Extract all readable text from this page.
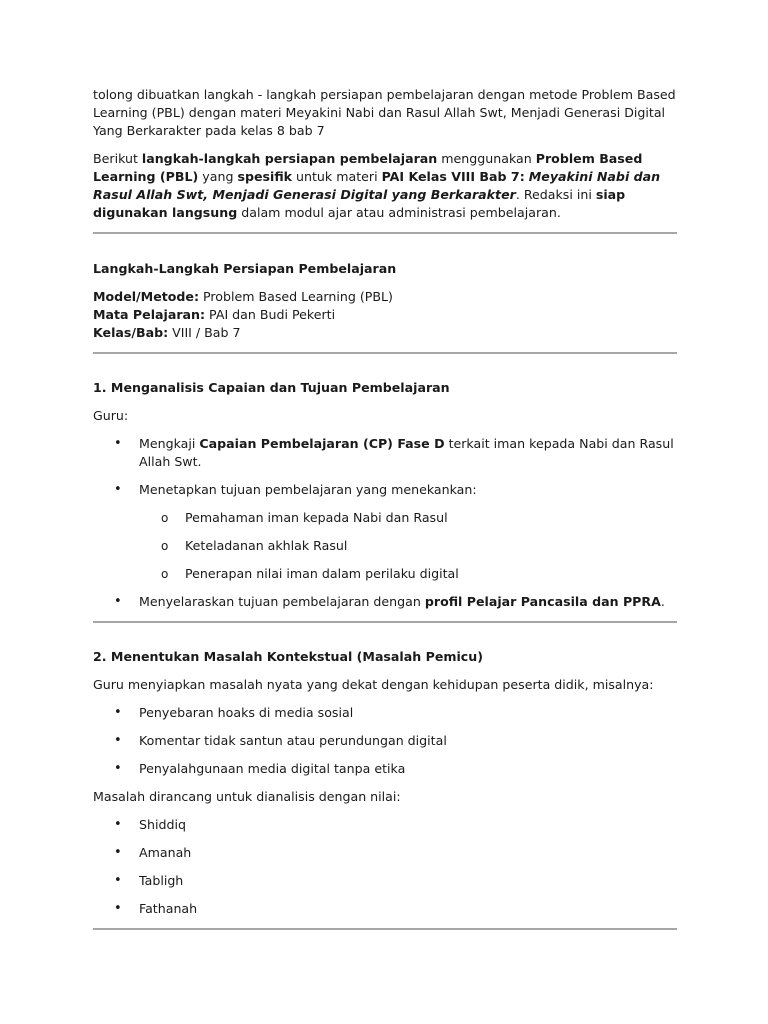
tolong dibuatkan langkah - langkah persiapan pembelajaran dengan metode Problem Based Learning (PBL) dengan materi Meyakini Nabi dan Rasul Allah Swt, Menjadi Generasi Digital Yang Berkarakter pada kelas 8 bab 7

Berikut langkah-langkah persiapan pembelajaran menggunakan Problem Based Learning (PBL) yang spesifik untuk materi PAI Kelas VIII Bab 7: Meyakini Nabi dan Rasul Allah Swt, Menjadi Generasi Digital yang Berkarakter. Redaksi ini siap digunakan langsung dalam modul ajar atau administrasi pembelajaran.

Langkah-Langkah Persiapan Pembelajaran

Model/Metode: Problem Based Learning (PBL)

Mata Pelajaran: PAI dan Budi Pekerti

Kelas/Bab: VIII / Bab 7

1. Menganalisis Capaian dan Tujuan Pembelajaran

Guru:

• Mengkaji Capaian Pembelajaran (CP) Fase D terkait iman kepada Nabi dan Rasul Allah Swt.
• Menetapkan tujuan pembelajaran yang menekankan:
o Pemahaman iman kepada Nabi dan Rasul
o Keteladanan akhlak Rasul
o Penerapan nilai iman dalam perilaku digital
• Menyelaraskan tujuan pembelajaran dengan profil Pelajar Pancasila dan PPRA.

2. Menentukan Masalah Kontekstual (Masalah Pemicu)

Guru menyiapkan masalah nyata yang dekat dengan kehidupan peserta didik, misalnya:

• Penyebaran hoaks di media sosial
• Komentar tidak santun atau perundungan digital
• Penyalahgunaan media digital tanpa etika

Masalah dirancang untuk dianalisis dengan nilai:

• Shiddiq
• Amanah
• Tabligh
• Fathanah
